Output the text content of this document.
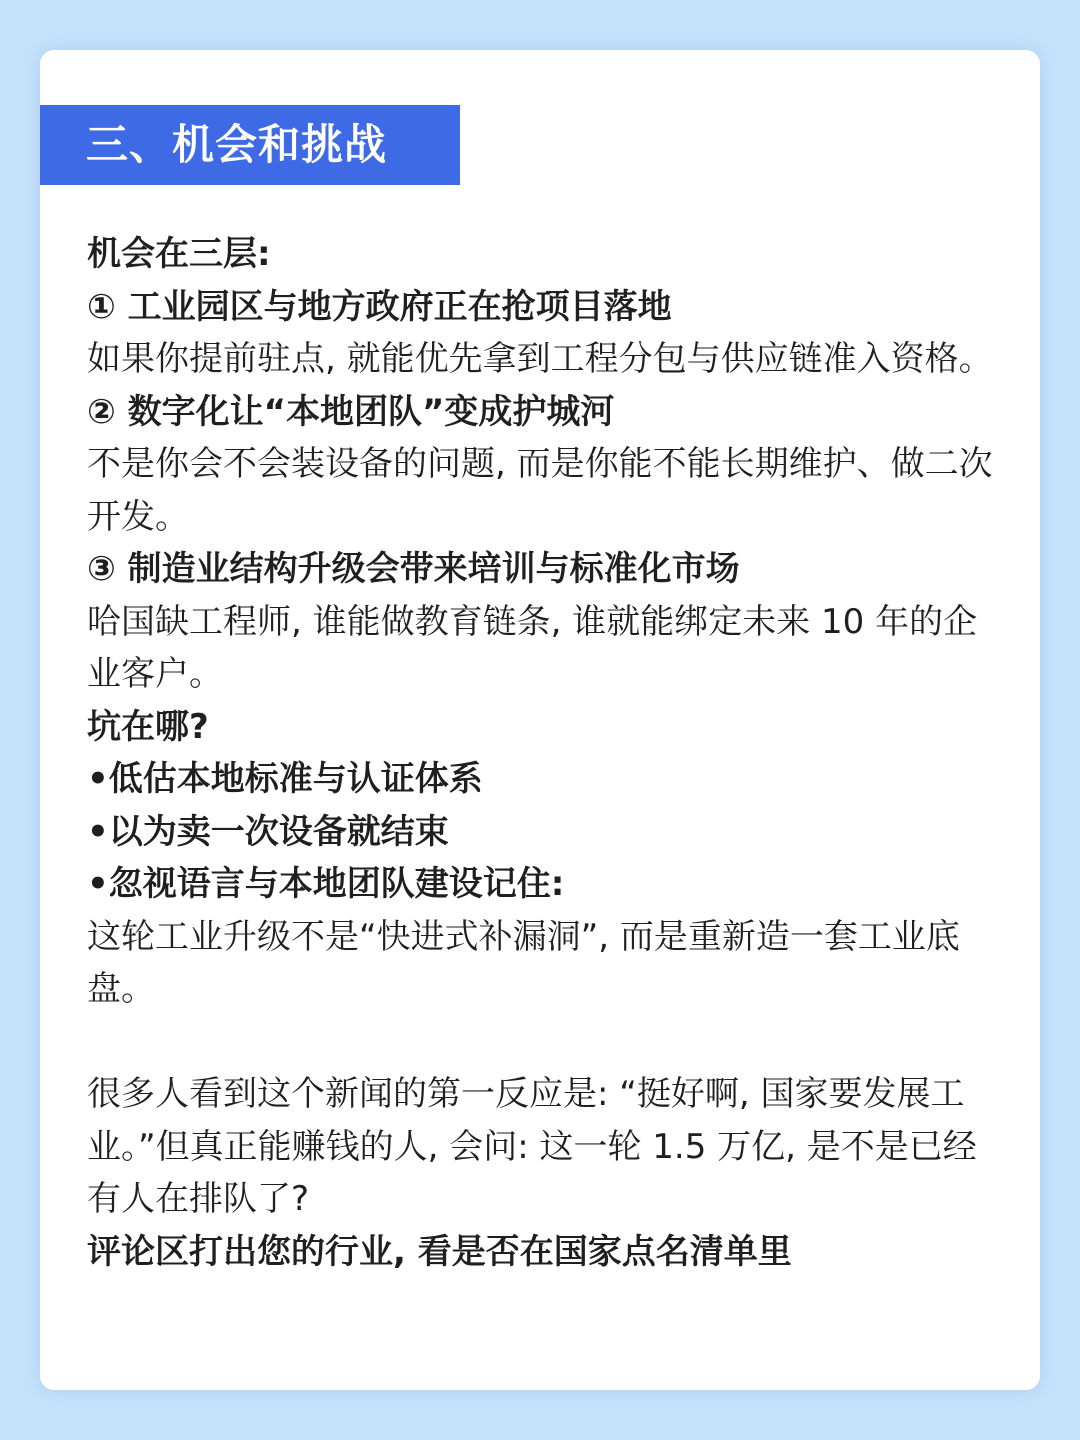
三、机会和挑战

机会在三层:

① 工业园区与地方政府正在抢项目落地

如果你提前驻点, 就能优先拿到工程分包与供应链准入资格。

② 数字化让“本地团队”变成护城河

不是你会不会装设备的问题, 而是你能不能长期维护、做二次开发。

③ 制造业结构升级会带来培训与标准化市场

哈国缺工程师, 谁能做教育链条, 谁就能绑定未来 10 年的企业客户。

坑在哪?

•低估本地标准与认证体系

•以为卖一次设备就结束

•忽视语言与本地团队建设记住:

这轮工业升级不是“快进式补漏洞”, 而是重新造一套工业底盘。

很多人看到这个新闻的第一反应是: “挺好啊, 国家要发展工业。”但真正能赚钱的人, 会问: 这一轮 1.5 万亿, 是不是已经有人在排队了?

评论区打出您的行业, 看是否在国家点名清单里
